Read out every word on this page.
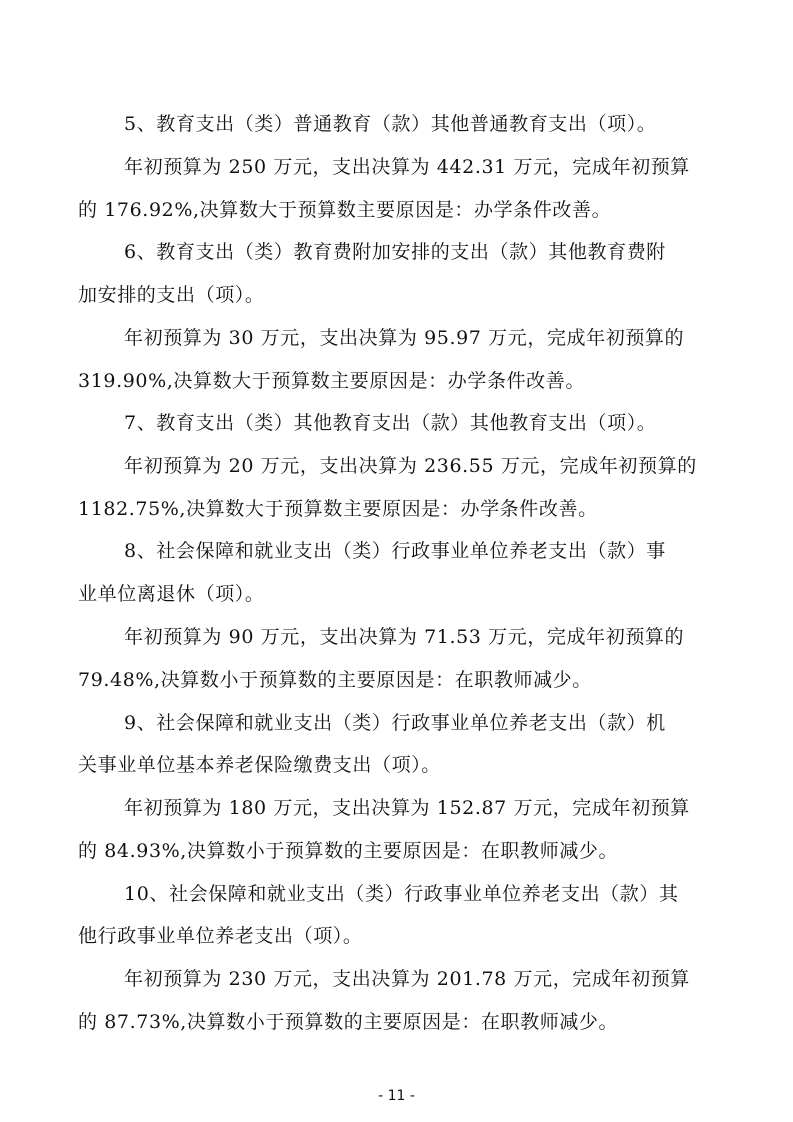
5、教育支出（类）普通教育（款）其他普通教育支出（项）。
年初预算为 250 万元，支出决算为 442.31 万元，完成年初预算
的 176.92%,决算数大于预算数主要原因是：办学条件改善。
6、教育支出（类）教育费附加安排的支出（款）其他教育费附
加安排的支出（项）。
年初预算为 30 万元，支出决算为 95.97 万元，完成年初预算的
319.90%,决算数大于预算数主要原因是：办学条件改善。
7、教育支出（类）其他教育支出（款）其他教育支出（项）。
年初预算为 20 万元，支出决算为 236.55 万元，完成年初预算的
1182.75%,决算数大于预算数主要原因是：办学条件改善。
8、社会保障和就业支出（类）行政事业单位养老支出（款）事
业单位离退休（项）。
年初预算为 90 万元，支出决算为 71.53 万元，完成年初预算的
79.48%,决算数小于预算数的主要原因是：在职教师减少。
9、社会保障和就业支出（类）行政事业单位养老支出（款）机
关事业单位基本养老保险缴费支出（项）。
年初预算为 180 万元，支出决算为 152.87 万元，完成年初预算
的 84.93%,决算数小于预算数的主要原因是：在职教师减少。
10、社会保障和就业支出（类）行政事业单位养老支出（款）其
他行政事业单位养老支出（项）。
年初预算为 230 万元，支出决算为 201.78 万元，完成年初预算
的 87.73%,决算数小于预算数的主要原因是：在职教师减少。
- 11 -
